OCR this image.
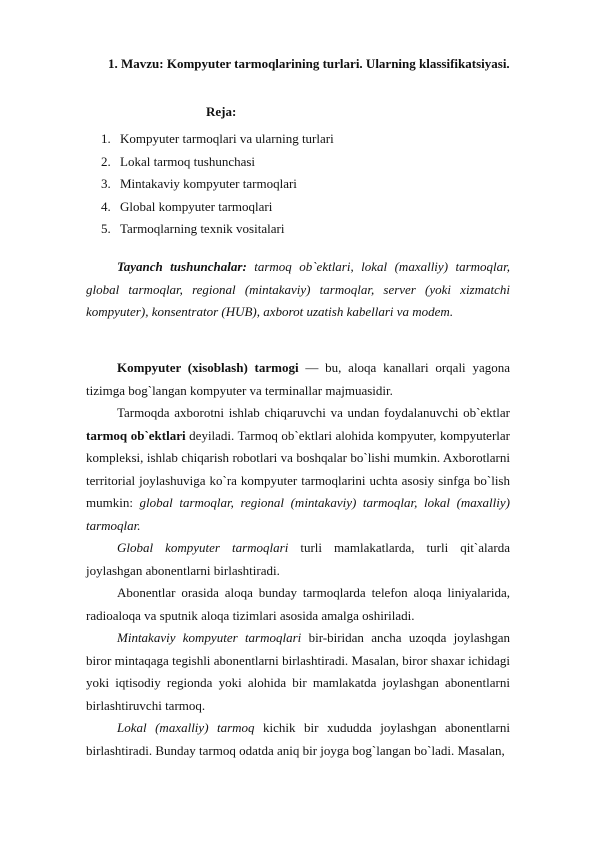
1. Mavzu: Kompyuter tarmoqlarining turlari. Ularning klassifikatsiyasi.
Reja:
1. Kompyuter tarmoqlari va ularning turlari
2. Lokal tarmoq tushunchasi
3. Mintakaviy kompyuter tarmoqlari
4. Global kompyuter tarmoqlari
5. Tarmoqlarning texnik vositalari

Tayanch tushunchalar: tarmoq ob`ektlari, lokal (maxalliy) tarmoqlar, global tarmoqlar, regional (mintakaviy) tarmoqlar, server (yoki xizmatchi kompyuter), konsentrator (HUB), axborot uzatish kabellari va modem.

Kompyuter (xisoblash) tarmogi — bu, aloqa kanallari orqali yagona tizimga bog`langan kompyuter va terminallar majmuasidir.

Tarmoqda axborotni ishlab chiqaruvchi va undan foydalanuvchi ob`ektlar tarmoq ob`ektlari deyiladi. Tarmoq ob`ektlari alohida kompyuter, kompyuterlar kompleksi, ishlab chiqarish robotlari va boshqalar bo`lishi mumkin. Axborotlarni territorial joylashuviga ko`ra kompyuter tarmoqlarini uchta asosiy sinfga bo`lish mumkin: global tarmoqlar, regional (mintakaviy) tarmoqlar, lokal (maxalliy) tarmoqlar.

Global kompyuter tarmoqlari turli mamlakatlarda, turli qit`alarda joylashgan abonentlarni birlashtiradi.

Abonentlar orasida aloqa bunday tarmoqlarda telefon aloqa liniyalarida, radioaloqa va sputnik aloqa tizimlari asosida amalga oshiriladi.

Mintakaviy kompyuter tarmoqlari bir-biridan ancha uzoqda joylashgan biror mintaqaga tegishli abonentlarni birlashtiradi. Masalan, biror shaxar ichidagi yoki iqtisodiy regionda yoki alohida bir mamlakatda joylashgan abonentlarni birlashtiruvchi tarmoq.

Lokal (maxalliy) tarmoq kichik bir xududda joylashgan abonentlarni birlashtiradi. Bunday tarmoq odatda aniq bir joyga bog`langan bo`ladi. Masalan,
